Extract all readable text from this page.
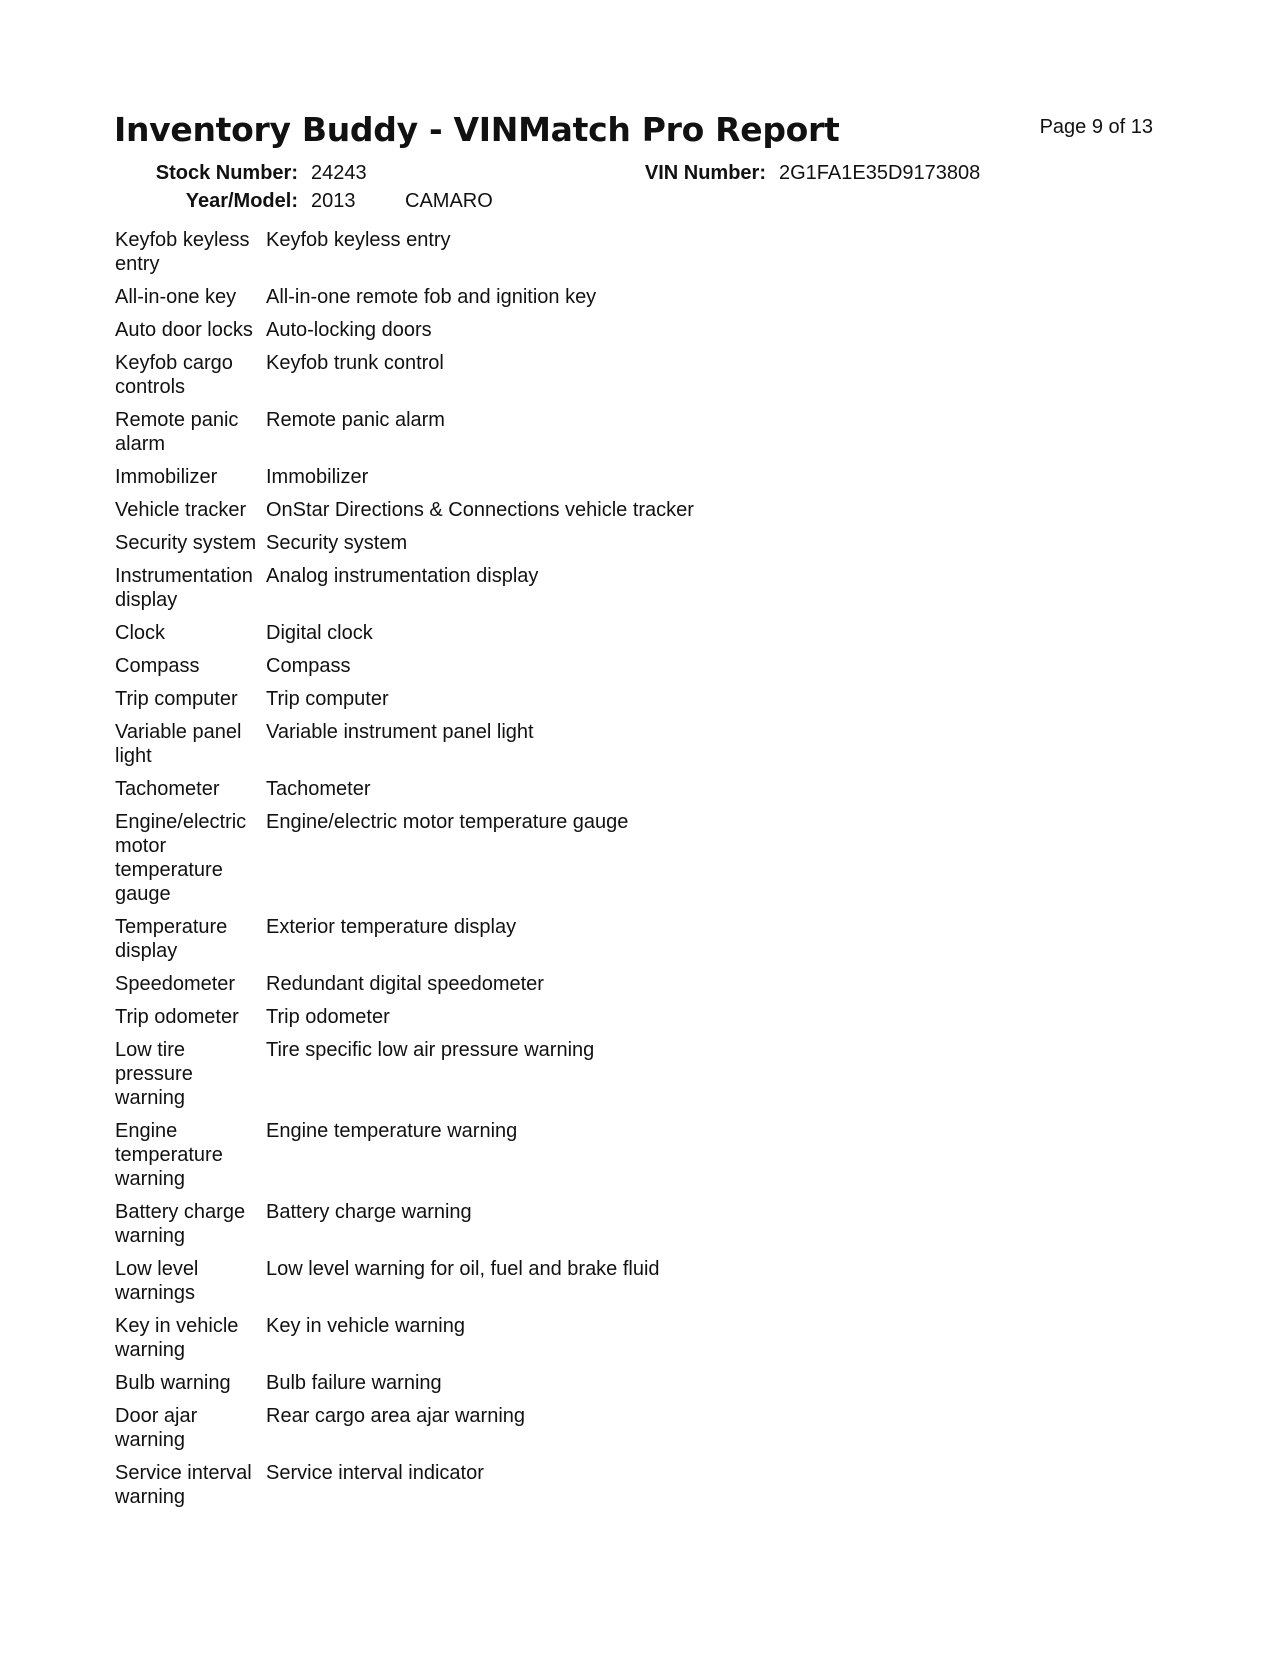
Inventory Buddy - VINMatch Pro Report	Page 9 of 13
Stock Number: 24243	VIN Number: 2G1FA1E35D9173808
Year/Model: 2013 CAMARO
Keyfob keyless entry	Keyfob keyless entry
All-in-one key	All-in-one remote fob and ignition key
Auto door locks	Auto-locking doors
Keyfob cargo controls	Keyfob trunk control
Remote panic alarm	Remote panic alarm
Immobilizer	Immobilizer
Vehicle tracker	OnStar Directions & Connections vehicle tracker
Security system	Security system
Instrumentation display	Analog instrumentation display
Clock	Digital clock
Compass	Compass
Trip computer	Trip computer
Variable panel light	Variable instrument panel light
Tachometer	Tachometer
Engine/electric motor temperature gauge	Engine/electric motor temperature gauge
Temperature display	Exterior temperature display
Speedometer	Redundant digital speedometer
Trip odometer	Trip odometer
Low tire pressure warning	Tire specific low air pressure warning
Engine temperature warning	Engine temperature warning
Battery charge warning	Battery charge warning
Low level warnings	Low level warning for oil, fuel and brake fluid
Key in vehicle warning	Key in vehicle warning
Bulb warning	Bulb failure warning
Door ajar warning	Rear cargo area ajar warning
Service interval warning	Service interval indicator
